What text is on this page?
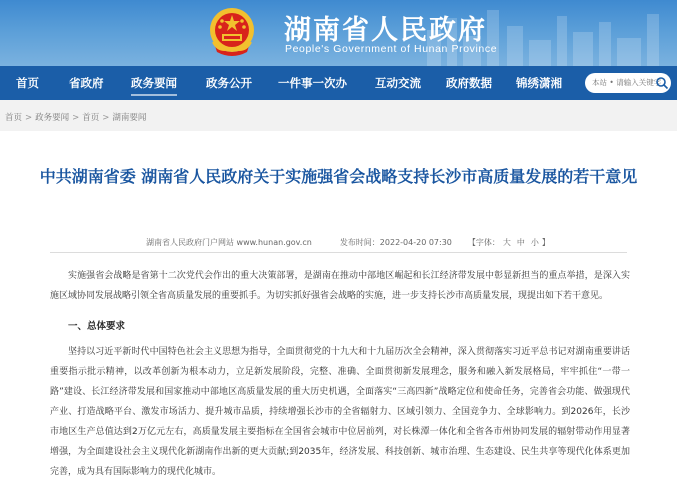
湖南省人民政府
People's Government of Hunan Province
首页	省政府 政务要闻	政务公开 一件事一次办 互动交流 政府数据 锦绣潇湘
本站 • 请输入关键字
首页 > 政务要闻 > 首页 > 湖南要闻
中共湖南省委 湖南省人民政府关于实施强省会战略支持长沙市高质量发展的若干意见
湖南省人民政府门户网站 www.hunan.gov.cn	发布时间：2022-04-20 07:30 【字体： 大 中 小 】

实施强省会战略是省第十二次党代会作出的重大决策部署，是湖南在推动中部地区崛起和长江经济带发展中彰显新担当的重点举措，是深入实施区域协同发展战略引领全省高质量发展的重要抓手。为切实抓好强省会战略的实施，进一步支持长沙市高质量发展，现提出如下若干意见。

一、总体要求

坚持以习近平新时代中国特色社会主义思想为指导，全面贯彻党的十九大和十九届历次全会精神，深入贯彻落实习近平总书记对湖南重要讲话重要指示批示精神，以改革创新为根本动力，立足新发展阶段，完整、准确、全面贯彻新发展理念，服务和融入新发展格局，牢牢抓住“一带一路”建设、长江经济带发展和国家推动中部地区高质量发展的重大历史机遇，全面落实“三高四新”战略定位和使命任务，完善省会功能、做强现代产业、打造战略平台、激发市场活力、提升城市品质，持续增强长沙市的全省辐射力、区域引领力、全国竞争力、全球影响力。到2026年，长沙市地区生产总值达到2万亿元左右，高质量发展主要指标在全国省会城市中位居前列，对长株潭一体化和全省各市州协同发展的辐射带动作用显著增强，为全面建设社会主义现代化新湖南作出新的更大贡献;到2035年，经济发展、科技创新、城市治理、生态建设、民生共享等现代化体系更加完善，成为具有国际影响力的现代化城市。
